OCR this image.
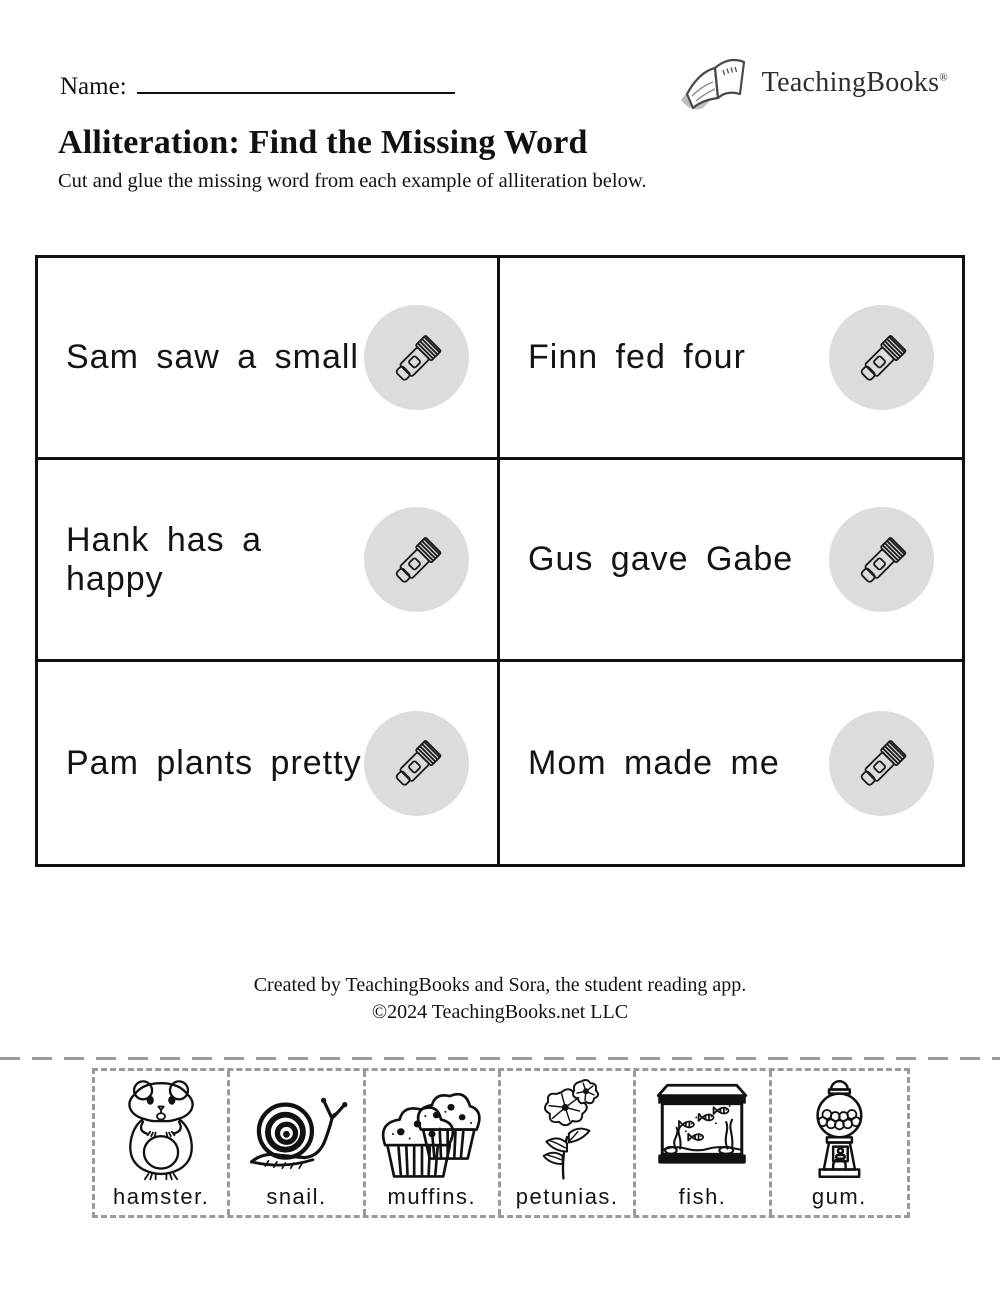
Name:	TeachingBooks®
Alliteration: Find the Missing Word

Cut and glue the missing word from each example of alliteration below.

Sam saw a small	Finn fed four
Hank has a happy
Gus gave Gabe
Pam plants pretty	Mom made me
Created by TeachingBooks and Sora, the student reading app.
©2024 TeachingBooks.net LLC
hamster.	snail.	muffins. petunias.	fish.	gum.
